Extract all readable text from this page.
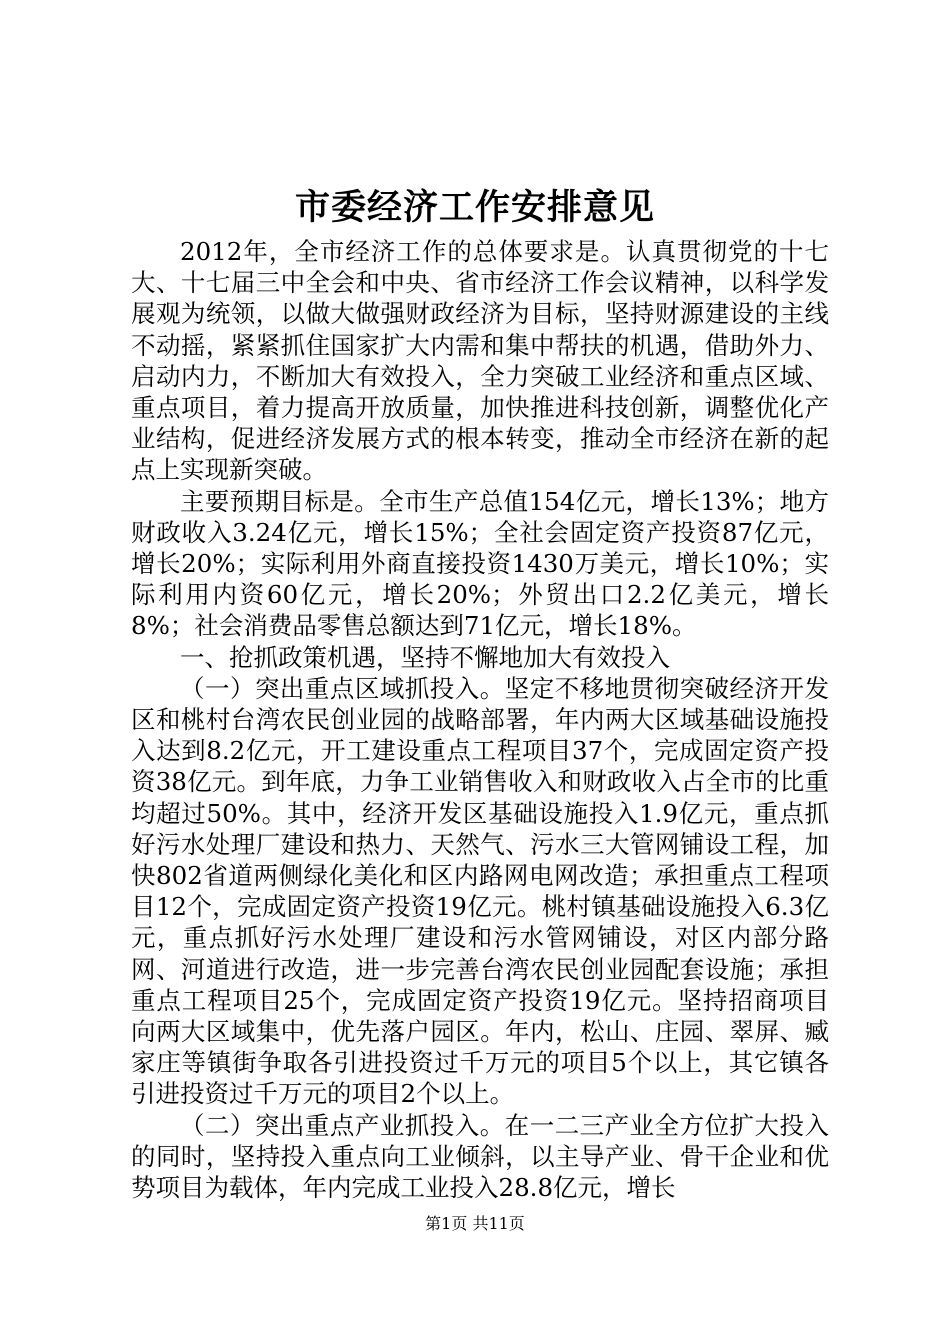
市委经济工作安排意见

2012年，全市经济工作的总体要求是。认真贯彻党的十七大、十七届三中全会和中央、省市经济工作会议精神，以科学发展观为统领，以做大做强财政经济为目标，坚持财源建设的主线不动摇，紧紧抓住国家扩大内需和集中帮扶的机遇，借助外力、启动内力，不断加大有效投入，全力突破工业经济和重点区域、重点项目，着力提高开放质量，加快推进科技创新，调整优化产业结构，促进经济发展方式的根本转变，推动全市经济在新的起点上实现新突破。

主要预期目标是。全市生产总值154亿元，增长13%；地方财政收入3.24亿元，增长15%；全社会固定资产投资87亿元，增长20%；实际利用外商直接投资1430万美元，增长10%；实际利用内资60亿元，增长20%；外贸出口2.2亿美元，增长8%；社会消费品零售总额达到71亿元，增长18%。

一、抢抓政策机遇，坚持不懈地加大有效投入

（一）突出重点区域抓投入。坚定不移地贯彻突破经济开发区和桃村台湾农民创业园的战略部署，年内两大区域基础设施投入达到8.2亿元，开工建设重点工程项目37个，完成固定资产投资38亿元。到年底，力争工业销售收入和财政收入占全市的比重均超过50%。其中，经济开发区基础设施投入1.9亿元，重点抓好污水处理厂建设和热力、天然气、污水三大管网铺设工程，加快802省道两侧绿化美化和区内路网电网改造；承担重点工程项目12个，完成固定资产投资19亿元。桃村镇基础设施投入6.3亿元，重点抓好污水处理厂建设和污水管网铺设，对区内部分路网、河道进行改造，进一步完善台湾农民创业园配套设施；承担重点工程项目25个，完成固定资产投资19亿元。坚持招商项目向两大区域集中，优先落户园区。年内，松山、庄园、翠屏、臧家庄等镇街争取各引进投资过千万元的项目5个以上，其它镇各引进投资过千万元的项目2个以上。

（二）突出重点产业抓投入。在一二三产业全方位扩大投入的同时，坚持投入重点向工业倾斜，以主导产业、骨干企业和优势项目为载体，年内完成工业投入28.8亿元，增长

第1页 共11页
